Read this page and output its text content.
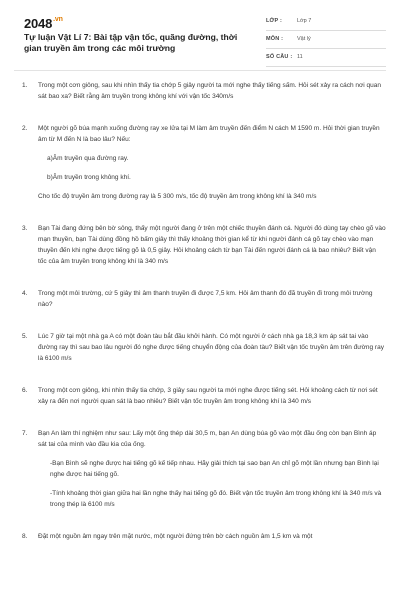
$2048^{.vn}$
Tự luận Vật Lí 7: Bài tập vận tốc, quãng đường, thời gian truyền âm trong các môi trường
LỚP :	Lớp 7
MÔN :	Vật lý
SỐ CÂU : 11
1. Trong một cơn giông, sau khi nhìn thấy tia chớp 5 giây người ta mới nghe thấy tiếng sấm. Hỏi sét xảy ra cách nơi quan sát bao xa? Biết rằng âm truyền trong không khí với vận tốc 340m/s
2. Một người gõ búa mạnh xuống đường ray xe lửa tại M làm âm truyền đến điểm N cách M 1590 m. Hỏi thời gian truyền âm từ M đến N là bao lâu? Nếu:
a)Âm truyền qua đường ray.
b)Âm truyền trong không khí.
Cho tốc độ truyền âm trong đường ray là 5 300 m/s, tốc độ truyền âm trong không khí là 340 m/s
3. Bạn Tài đang đứng bên bờ sông, thấy một người đang ở trên một chiếc thuyền đánh cá. Người đó dùng tay chèo gõ vào mạn thuyền, bạn Tài dùng đồng hồ bấm giây thì thấy khoảng thời gian kể từ khi người đánh cá gõ tay chèo vào mạn thuyền đến khi nghe được tiếng gõ là 0,5 giây. Hỏi khoảng cách từ bạn Tài đến người đánh cá là bao nhiêu? Biết vận tốc của âm truyền trong không khí là 340 m/s
4. Trong một môi trường, cứ 5 giây thì âm thanh truyền đi được 7,5 km. Hỏi âm thanh đó đã truyền đi trong môi trường nào?
5. Lúc 7 giờ tại một nhà ga A có một đoàn tàu bắt đầu khởi hành. Có một người ở cách nhà ga 18,3 km áp sát tai vào đường ray thì sau bao lâu người đó nghe được tiếng chuyển động của đoàn tàu? Biết vận tốc truyền âm trên đường ray là 6100 m/s
6. Trong một cơn giông, khi nhìn thấy tia chớp, 3 giây sau người ta mới nghe được tiếng sét. Hỏi khoảng cách từ nơi sét xảy ra đến nơi người quan sát là bao nhiêu? Biết vận tốc truyền âm trong không khí là 340 m/s
7. Bạn An làm thí nghiệm như sau: Lấy một ống thép dài 30,5 m, bạn An dùng búa gõ vào một đầu ống còn bạn Bình áp sát tai của mình vào đầu kia của ống.
-Bạn Bình sẽ nghe được hai tiếng gõ kế tiếp nhau. Hãy giải thích tại sao bạn An chỉ gõ một lần nhưng bạn Bình lại nghe được hai tiếng gõ.
-Tính khoảng thời gian giữa hai lần nghe thấy hai tiếng gõ đó. Biết vận tốc truyền âm trong không khí là 340 m/s và trong thép là 6100 m/s
8. Đặt một nguồn âm ngay trên mặt nước, một người đứng trên bờ cách nguồn âm 1,5 km và một
